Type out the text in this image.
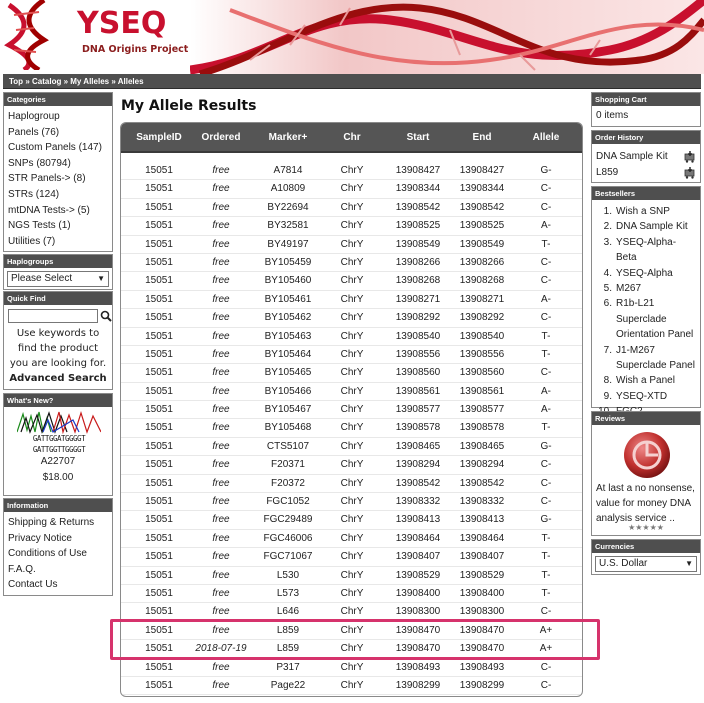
YSEQ
DNA Origins Project
Top » Catalog » My Alleles » Alleles
Categories
Haplogroup
Panels (76)
Custom Panels (147)
SNPs (80794)
STR Panels-> (8)
STRs (124)
mtDNA Tests-> (5)
NGS Tests (1)
Utilities (7)
Haplogroups
Please Select	▼
Quick Find
Use keywords to find the product you are looking for.
Advanced Search
What's New?
GATTGGATGGGGT
GATTGGTTGGGGT
A22707
$18.00
Information
Shipping & Returns
Privacy Notice
Conditions of Use
F.A.Q.
Contact Us
My Allele Results
SampleID	Ordered	Marker+	Chr	Start	End	Allele
15051	free	A7814	ChrY	13908427	13908427	G-
15051	free	A10809	ChrY	13908344	13908344	C-
15051	free	BY22694	ChrY	13908542	13908542	C-
15051	free	BY32581	ChrY	13908525	13908525	A-
15051	free	BY49197	ChrY	13908549	13908549	T-
15051	free	BY105459	ChrY	13908266	13908266	C-
15051	free	BY105460	ChrY	13908268	13908268	C-
15051	free	BY105461	ChrY	13908271	13908271	A-
15051	free	BY105462	ChrY	13908292	13908292	C-
15051	free	BY105463	ChrY	13908540	13908540	T-
15051	free	BY105464	ChrY	13908556	13908556	T-
15051	free	BY105465	ChrY	13908560	13908560	C-
15051	free	BY105466	ChrY	13908561	13908561	A-
15051	free	BY105467	ChrY	13908577	13908577	A-
15051	free	BY105468	ChrY	13908578	13908578	T-
15051	free	CTS5107	ChrY	13908465	13908465	G-
15051	free	F20371	ChrY	13908294	13908294	C-
15051	free	F20372	ChrY	13908542	13908542	C-
15051	free	FGC1052	ChrY	13908332	13908332	C-
15051	free	FGC29489	ChrY	13908413	13908413	G-
15051	free	FGC46006	ChrY	13908464	13908464	T-
15051	free	FGC71067	ChrY	13908407	13908407	T-
15051	free	L530	ChrY	13908529	13908529	T-
15051	free	L573	ChrY	13908400	13908400	T-
15051	free	L646	ChrY	13908300	13908300	C-
15051	free	L859	ChrY	13908470	13908470	A+
15051	2018-07-19	L859	ChrY	13908470	13908470	A+
15051	free	P317	ChrY	13908493	13908493	C-
15051	free	Page22	ChrY	13908299	13908299	C-
Shopping Cart
0 items
Order History
DNA Sample Kit
L859
Bestsellers
1. Wish a SNP
2. DNA Sample Kit
3. YSEQ-Alpha-Beta
4. YSEQ-Alpha
5. M267
6. R1b-L21
Superclade
Orientation Panel
7. J1-M267
Superclade Panel
8. Wish a Panel
9. YSEQ-XTD
Reviews
At last a no nonsense, value for money DNA analysis service ..
★★★★★
Currencies
U.S. Dollar	▼
